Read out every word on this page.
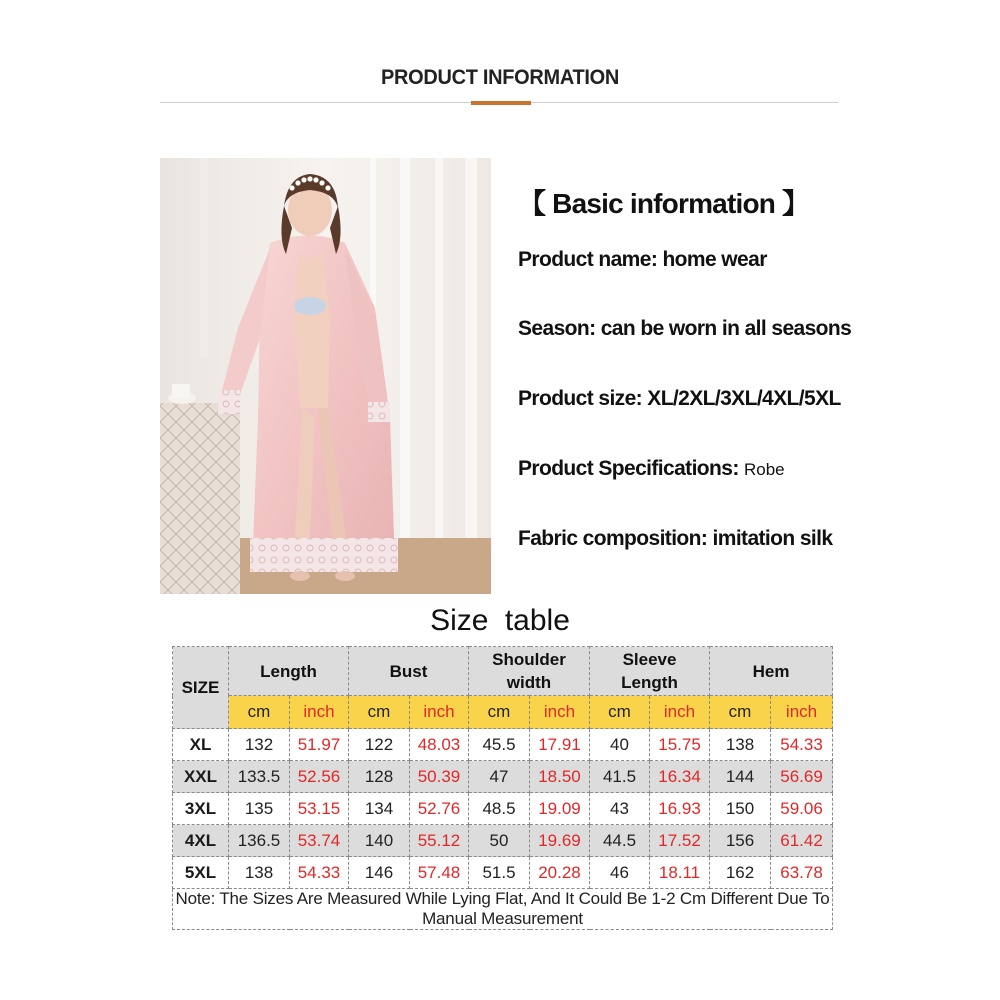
PRODUCT INFORMATION
【 Basic information 】
Product name: home wear
Season: can be worn in all seasons
Product size: XL/2XL/3XL/4XL/5XL
Product Specifications: Robe
Fabric composition: imitation silk
Size table
SIZE	Length		Bust		Shoulder width		Sleeve Length		Hem	
	cm	inch	cm	inch	cm	inch	cm	inch	cm	inch
XL	132	51.97	122	48.03	45.5	17.91	40	15.75	138	54.33
XXL	133.5	52.56	128	50.39	47	18.50	41.5	16.34	144	56.69
3XL	135	53.15	134	52.76	48.5	19.09	43	16.93	150	59.06
4XL	136.5	53.74	140	55.12	50	19.69	44.5	17.52	156	61.42
5XL	138	54.33	146	57.48	51.5	20.28	46	18.11	162	63.78
Note: The Sizes Are Measured While Lying Flat, And It Could Be 1-2 Cm Different Due To Manual Measurement										
